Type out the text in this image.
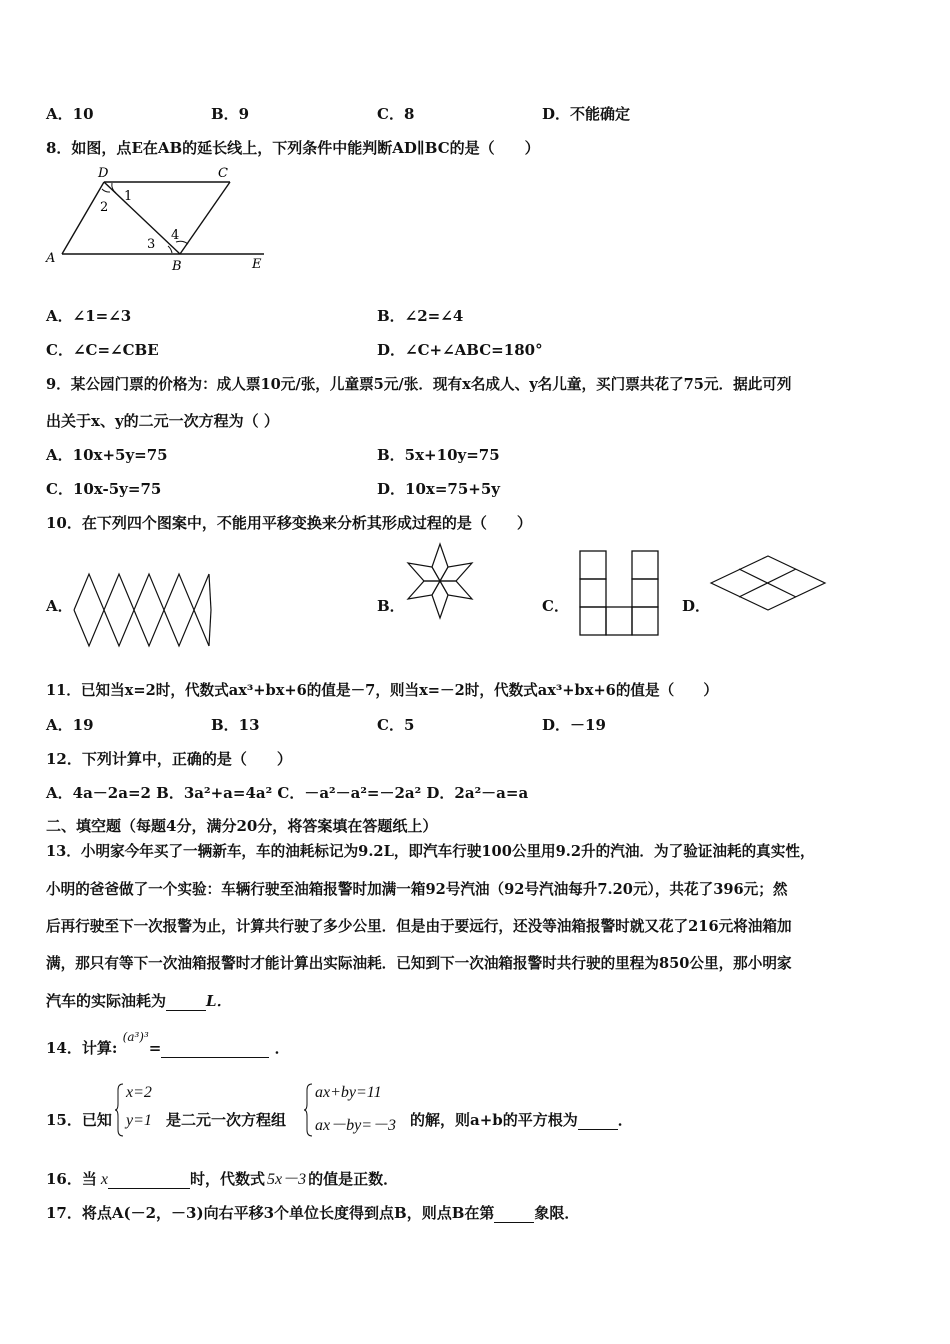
A．10	B．9	C．8	D．不能确定
8．如图，点E在AB的延长线上，下列条件中能判断AD∥BC的是（　　）
D	C
A
B	E
1
2
3
4
A．∠1=∠3	B．∠2=∠4
C．∠C=∠CBE	D．∠C+∠ABC=180°
9．某公园门票的价格为：成人票10元/张，儿童票5元/张．现有x名成人、y名儿童，买门票共花了75元．据此可列
出关于x、y的二元一次方程为（ ）
A．10x+5y=75	B．5x+10y=75
C．10x-5y=75	D．10x=75+5y
10．在下列四个图案中，不能用平移变换来分析其形成过程的是（　　）
A．	B．	C．	D．
11．已知当x=2时，代数式ax³+bx+6的值是－7，则当x=－2时，代数式ax³+bx+6的值是（　　）
A．19	B．13	C．5	D．－19
12．下列计算中，正确的是（　　）
A．4a－2a=2 B．3a²+a=4a² C．－a²－a²=－2a² D．2a²－a=a
二、填空题（每题4分，满分20分，将答案填在答题纸上）
13．小明家今年买了一辆新车，车的油耗标记为9.2L，即汽车行驶100公里用9.2升的汽油．为了验证油耗的真实性，
小明的爸爸做了一个实验：车辆行驶至油箱报警时加满一箱92号汽油（92号汽油每升7.20元），共花了396元；然
后再行驶至下一次报警为止，计算共行驶了多少公里．但是由于要远行，还没等油箱报警时就又花了216元将油箱加
满，那只有等下一次油箱报警时才能计算出实际油耗．已知到下一次油箱报警时共行驶的里程为850公里，那小明家
汽车的实际油耗为	L．
14．计算: $^{(a^3)^3}$=	．
15．已知
x=2
y=1 是二元一次方程组
ax+by=11
ax－by=－3 的解，则a+b的平方根为	．
16．当 x	时，代数式 5x－3 的值是正数．
17．将点A(－2，－3)向右平移3个单位长度得到点B，则点B在第	象限．
